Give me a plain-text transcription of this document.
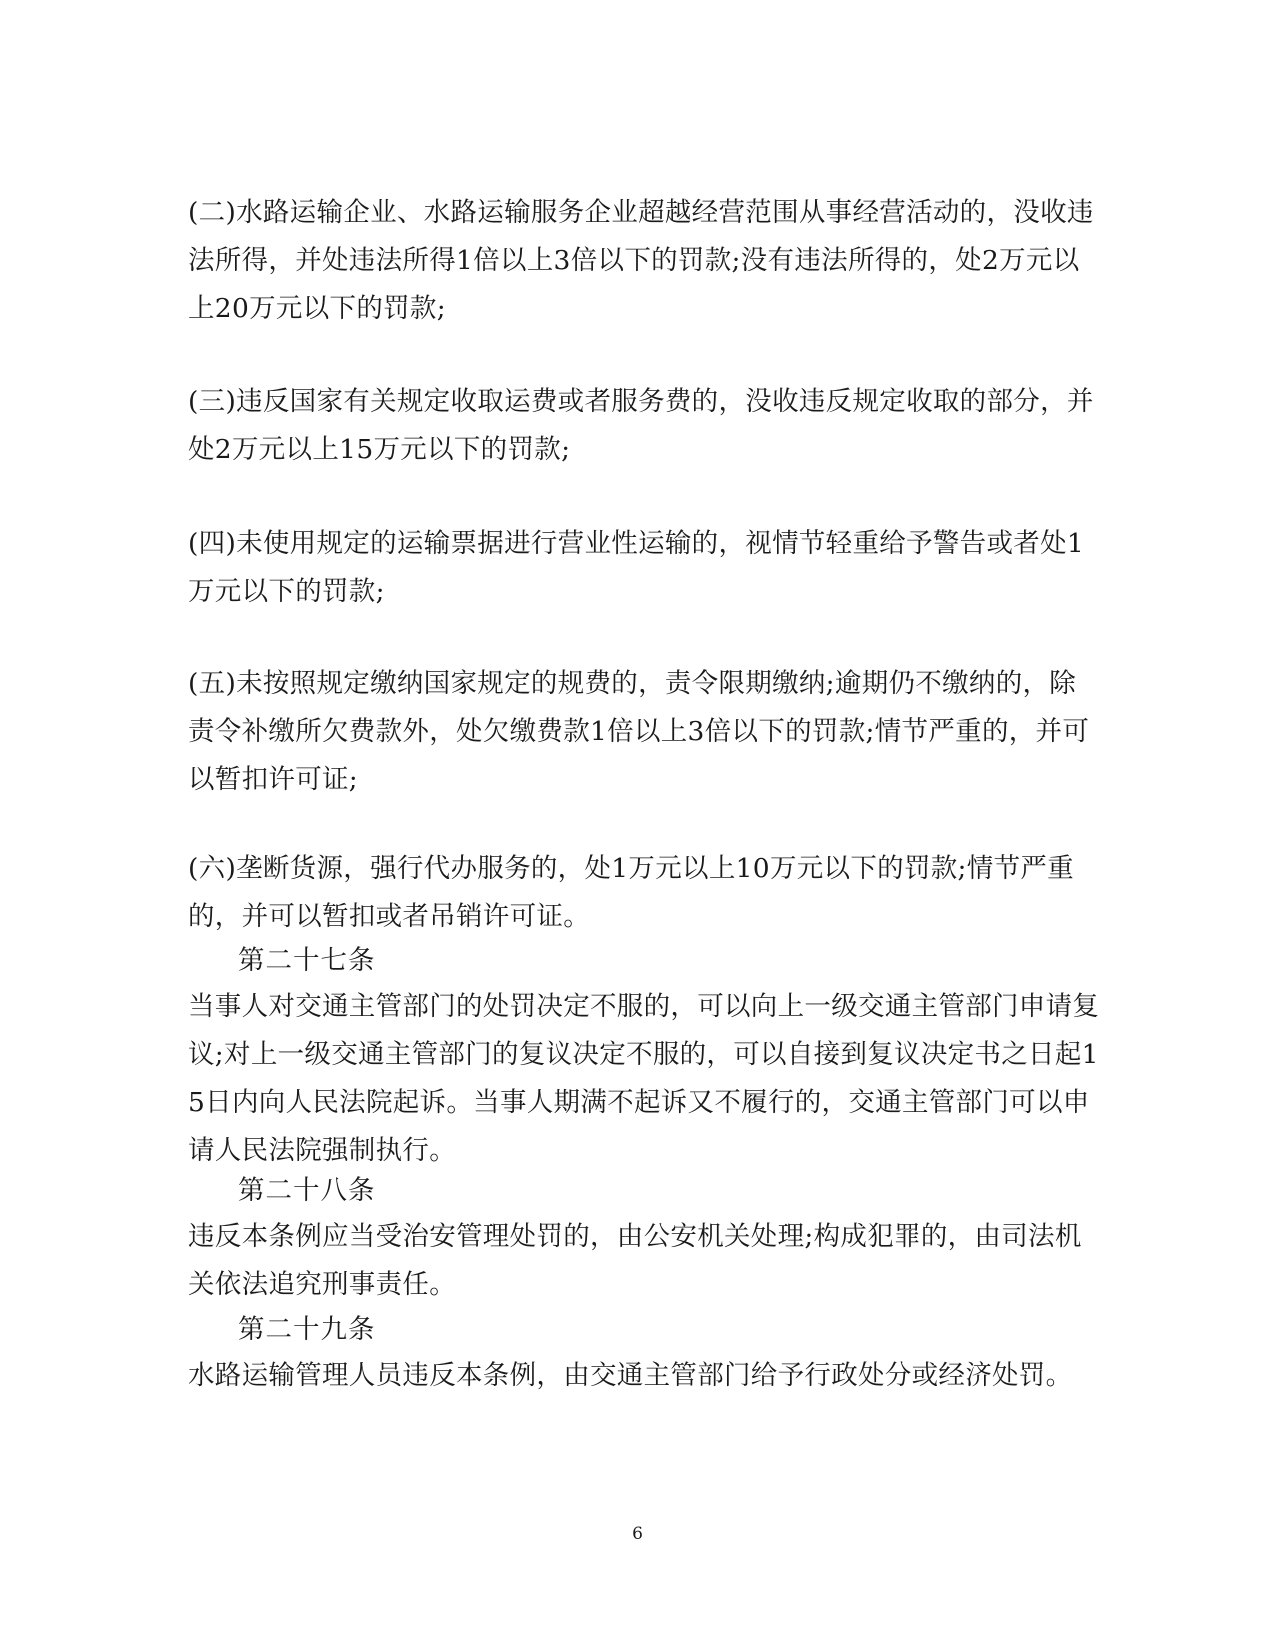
(二)水路运输企业、水路运输服务企业超越经营范围从事经营活动的，没收违法所得，并处违法所得1倍以上3倍以下的罚款;没有违法所得的，处2万元以上20万元以下的罚款;

(三)违反国家有关规定收取运费或者服务费的，没收违反规定收取的部分，并处2万元以上15万元以下的罚款;

(四)未使用规定的运输票据进行营业性运输的，视情节轻重给予警告或者处1万元以下的罚款;

(五)未按照规定缴纳国家规定的规费的，责令限期缴纳;逾期仍不缴纳的，除责令补缴所欠费款外，处欠缴费款1倍以上3倍以下的罚款;情节严重的，并可以暂扣许可证;

(六)垄断货源，强行代办服务的，处1万元以上10万元以下的罚款;情节严重的，并可以暂扣或者吊销许可证。

第二十七条

当事人对交通主管部门的处罚决定不服的，可以向上一级交通主管部门申请复议;对上一级交通主管部门的复议决定不服的，可以自接到复议决定书之日起15日内向人民法院起诉。当事人期满不起诉又不履行的，交通主管部门可以申请人民法院强制执行。

第二十八条

违反本条例应当受治安管理处罚的，由公安机关处理;构成犯罪的，由司法机关依法追究刑事责任。

第二十九条

水路运输管理人员违反本条例，由交通主管部门给予行政处分或经济处罚。

6
